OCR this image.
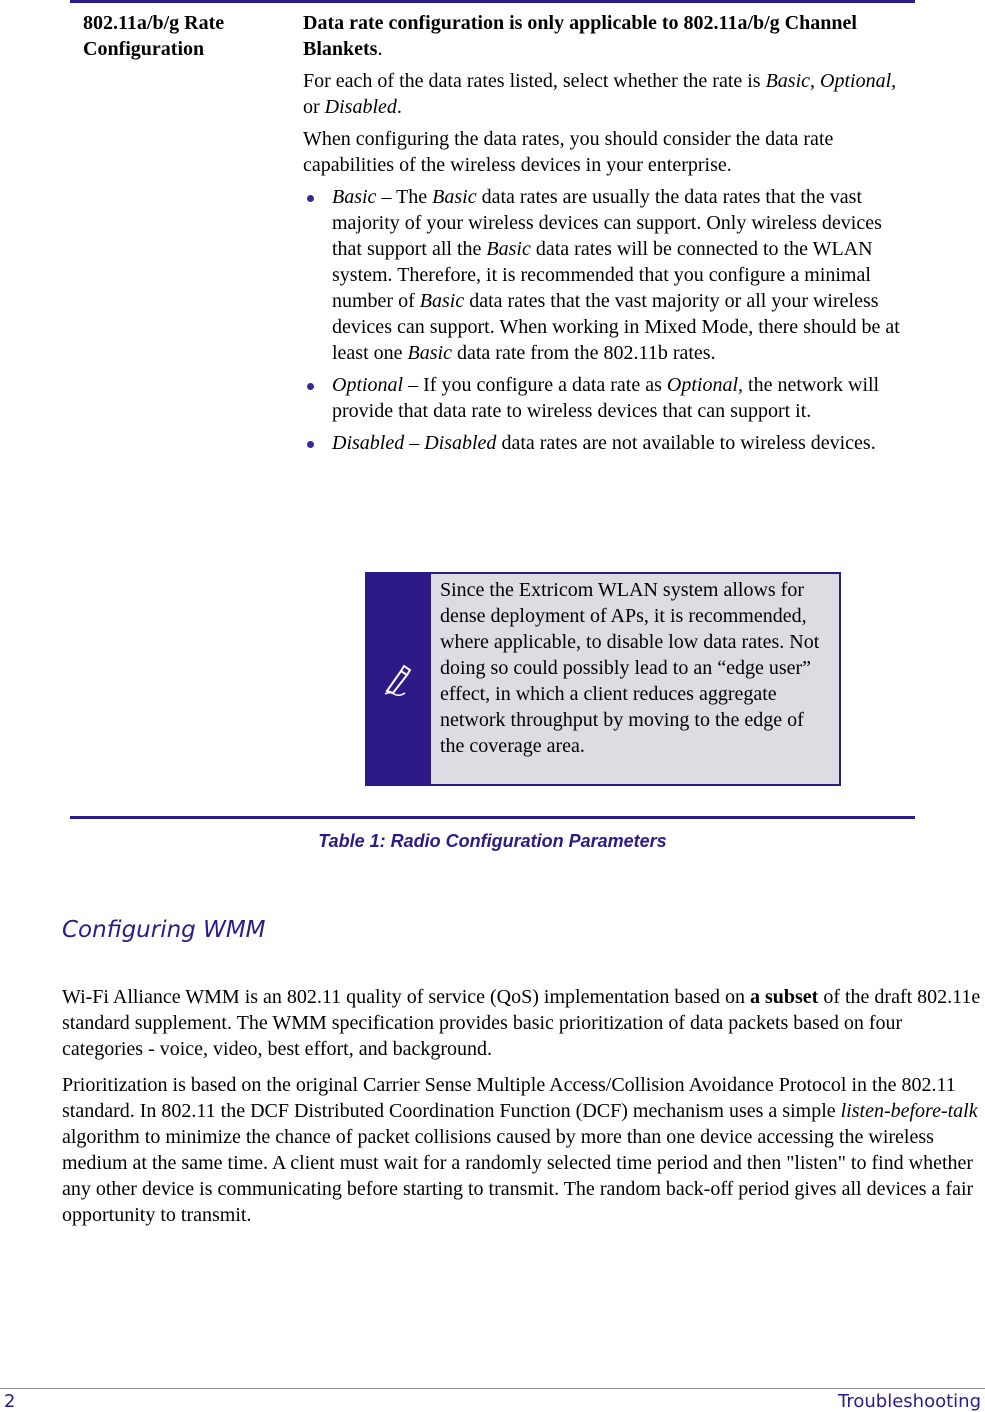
802.11a/b/g Rate Configuration

Data rate configuration is only applicable to 802.11a/b/g Channel Blankets.

For each of the data rates listed, select whether the rate is Basic, Optional, or Disabled.

When configuring the data rates, you should consider the data rate capabilities of the wireless devices in your enterprise.

Basic – The Basic data rates are usually the data rates that the vast majority of your wireless devices can support. Only wireless devices that support all the Basic data rates will be connected to the WLAN system. Therefore, it is recommended that you configure a minimal number of Basic data rates that the vast majority or all your wireless devices can support. When working in Mixed Mode, there should be at least one Basic data rate from the 802.11b rates.
Optional – If you configure a data rate as Optional, the network will provide that data rate to wireless devices that can support it.
Disabled – Disabled data rates are not available to wireless devices.
Since the Extricom WLAN system allows for dense deployment of APs, it is recommended, where applicable, to disable low data rates. Not doing so could possibly lead to an “edge user” effect, in which a client reduces aggregate network throughput by moving to the edge of the coverage area.
Table 1: Radio Configuration Parameters
Configuring WMM

Wi-Fi Alliance WMM is an 802.11 quality of service (QoS) implementation based on a subset of the draft 802.11e standard supplement. The WMM specification provides basic prioritization of data packets based on four categories - voice, video, best effort, and background.

Prioritization is based on the original Carrier Sense Multiple Access/Collision Avoidance Protocol in the 802.11 standard. In 802.11 the DCF Distributed Coordination Function (DCF) mechanism uses a simple listen-before-talk algorithm to minimize the chance of packet collisions caused by more than one device accessing the wireless medium at the same time. A client must wait for a randomly selected time period and then "listen" to find whether any other device is communicating before starting to transmit. The random back-off period gives all devices a fair opportunity to transmit.

2	Troubleshooting
